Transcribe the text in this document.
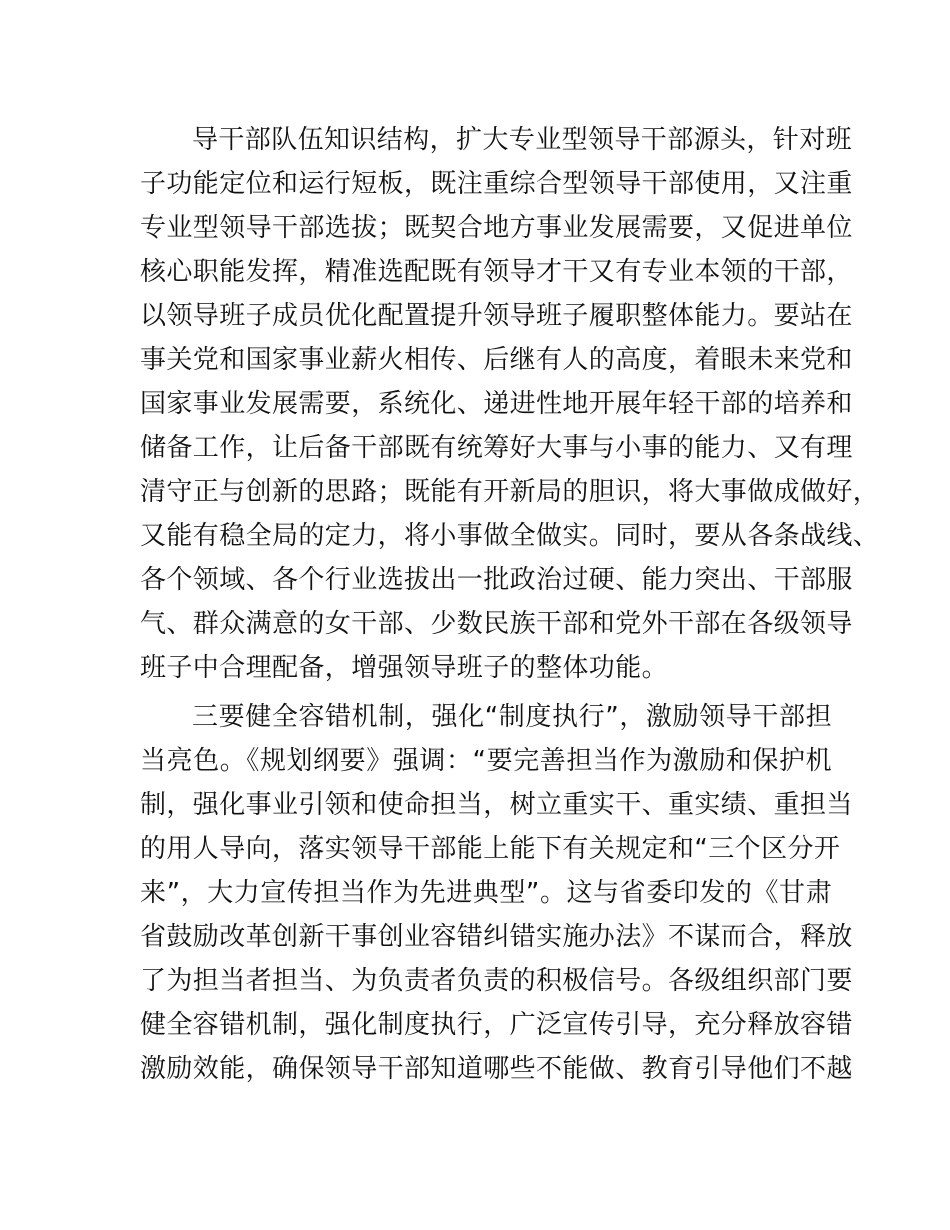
导干部队伍知识结构，扩大专业型领导干部源头，针对班
子功能定位和运行短板，既注重综合型领导干部使用，又注重
专业型领导干部选拔；既契合地方事业发展需要，又促进单位
核心职能发挥，精准选配既有领导才干又有专业本领的干部，
以领导班子成员优化配置提升领导班子履职整体能力。要站在
事关党和国家事业薪火相传、后继有人的高度，着眼未来党和
国家事业发展需要，系统化、递进性地开展年轻干部的培养和
储备工作，让后备干部既有统筹好大事与小事的能力、又有理
清守正与创新的思路；既能有开新局的胆识，将大事做成做好，
又能有稳全局的定力，将小事做全做实。同时，要从各条战线、
各个领域、各个行业选拔出一批政治过硬、能力突出、干部服
气、群众满意的女干部、少数民族干部和党外干部在各级领导
班子中合理配备，增强领导班子的整体功能。
三要健全容错机制，强化“制度执行”，激励领导干部担
当亮色。《规划纲要》强调：“要完善担当作为激励和保护机
制，强化事业引领和使命担当，树立重实干、重实绩、重担当
的用人导向，落实领导干部能上能下有关规定和“三个区分开
来”，大力宣传担当作为先进典型”。这与省委印发的《甘肃
省鼓励改革创新干事创业容错纠错实施办法》不谋而合，释放
了为担当者担当、为负责者负责的积极信号。各级组织部门要
健全容错机制，强化制度执行，广泛宣传引导，充分释放容错
激励效能，确保领导干部知道哪些不能做、教育引导他们不越
